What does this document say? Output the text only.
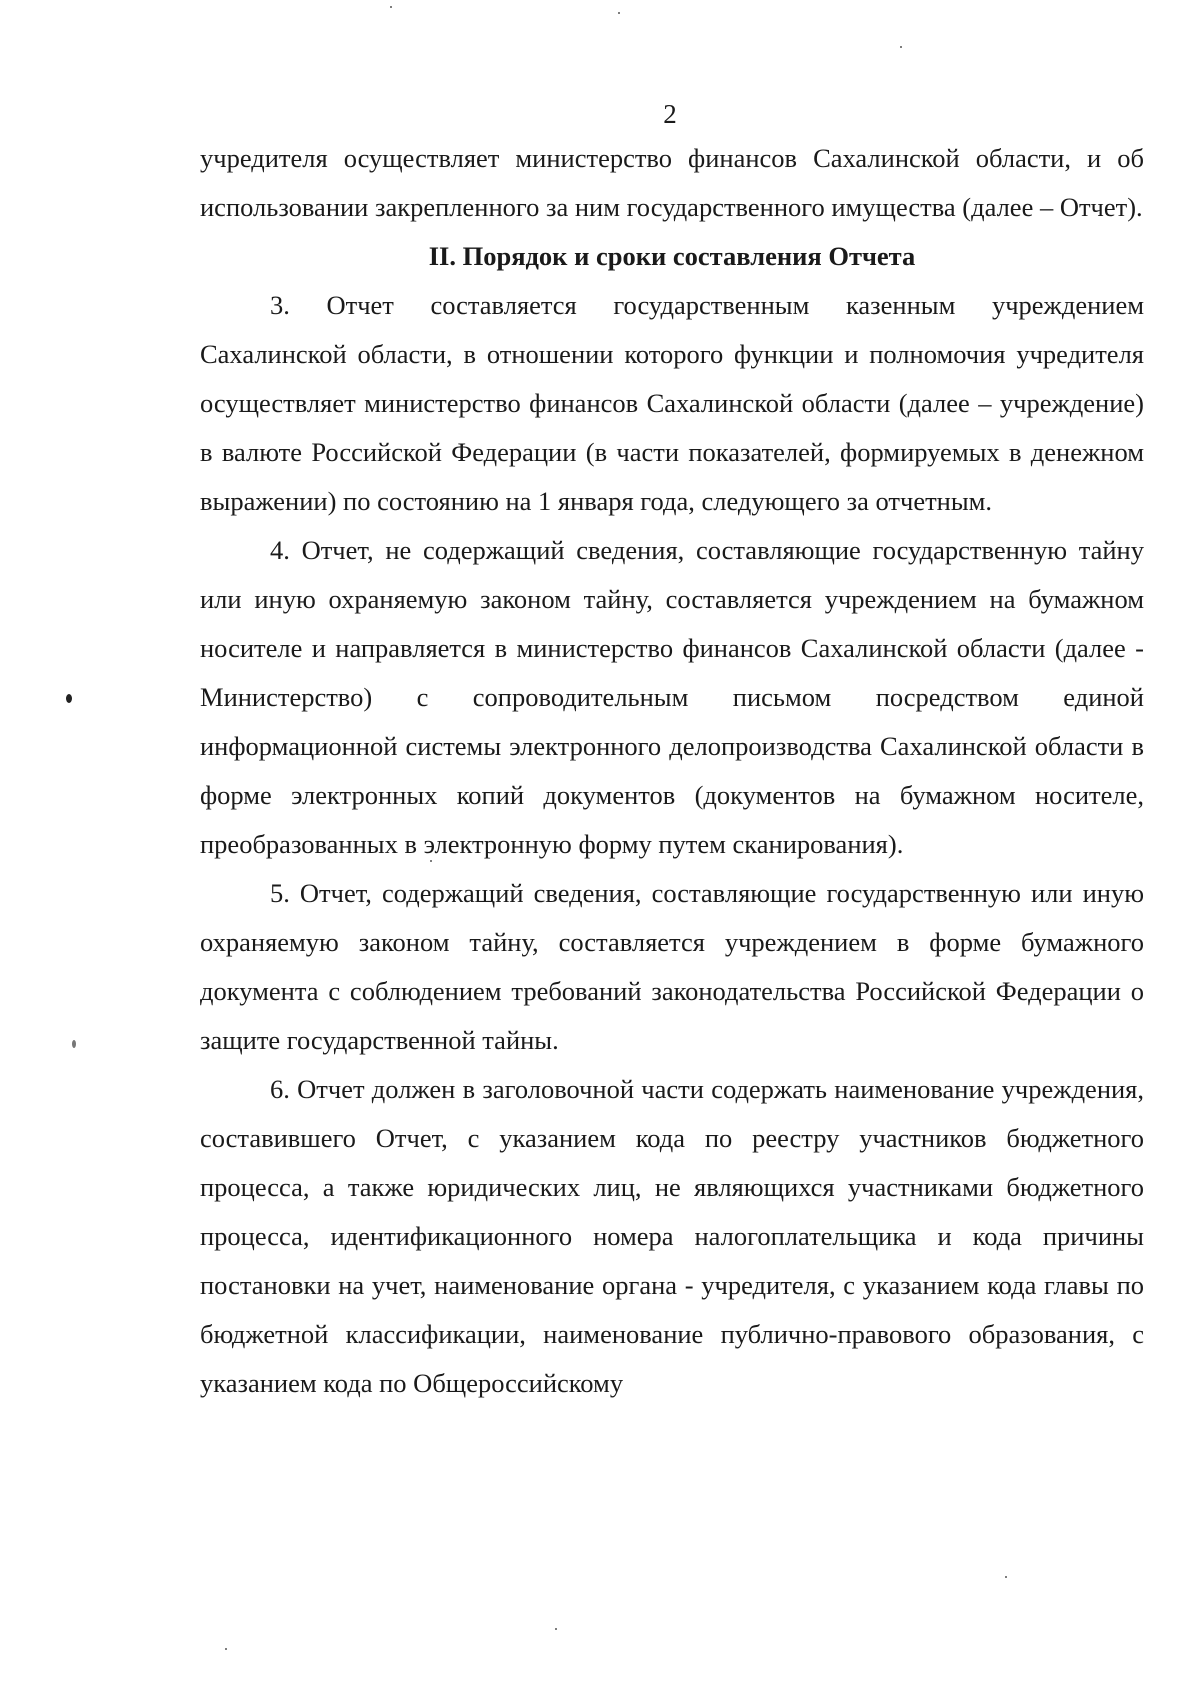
2

учредителя осуществляет министерство финансов Сахалинской области, и об использовании закрепленного за ним государственного имущества (далее – Отчет).

II. Порядок и сроки составления Отчета

3. Отчет составляется государственным казенным учреждением Сахалинской области, в отношении которого функции и полномочия учредителя осуществляет министерство финансов Сахалинской области (далее – учреждение) в валюте Российской Федерации (в части показателей, формируемых в денежном выражении) по состоянию на 1 января года, следующего за отчетным.

4. Отчет, не содержащий сведения, составляющие государственную тайну или иную охраняемую законом тайну, составляется учреждением на бумажном носителе и направляется в министерство финансов Сахалинской области (далее - Министерство) с сопроводительным письмом посредством единой информационной системы электронного делопроизводства Сахалинской области в форме электронных копий документов (документов на бумажном носителе, преобразованных в электронную форму путем сканирования).

5. Отчет, содержащий сведения, составляющие государственную или иную охраняемую законом тайну, составляется учреждением в форме бумажного документа с соблюдением требований законодательства Российской Федерации о защите государственной тайны.

6. Отчет должен в заголовочной части содержать наименование учреждения, составившего Отчет, с указанием кода по реестру участников бюджетного процесса, а также юридических лиц, не являющихся участниками бюджетного процесса, идентификационного номера налогоплательщика и кода причины постановки на учет, наименование органа - учредителя, с указанием кода главы по бюджетной классификации, наименование публично-правового образования, с указанием кода по Общероссийскому
